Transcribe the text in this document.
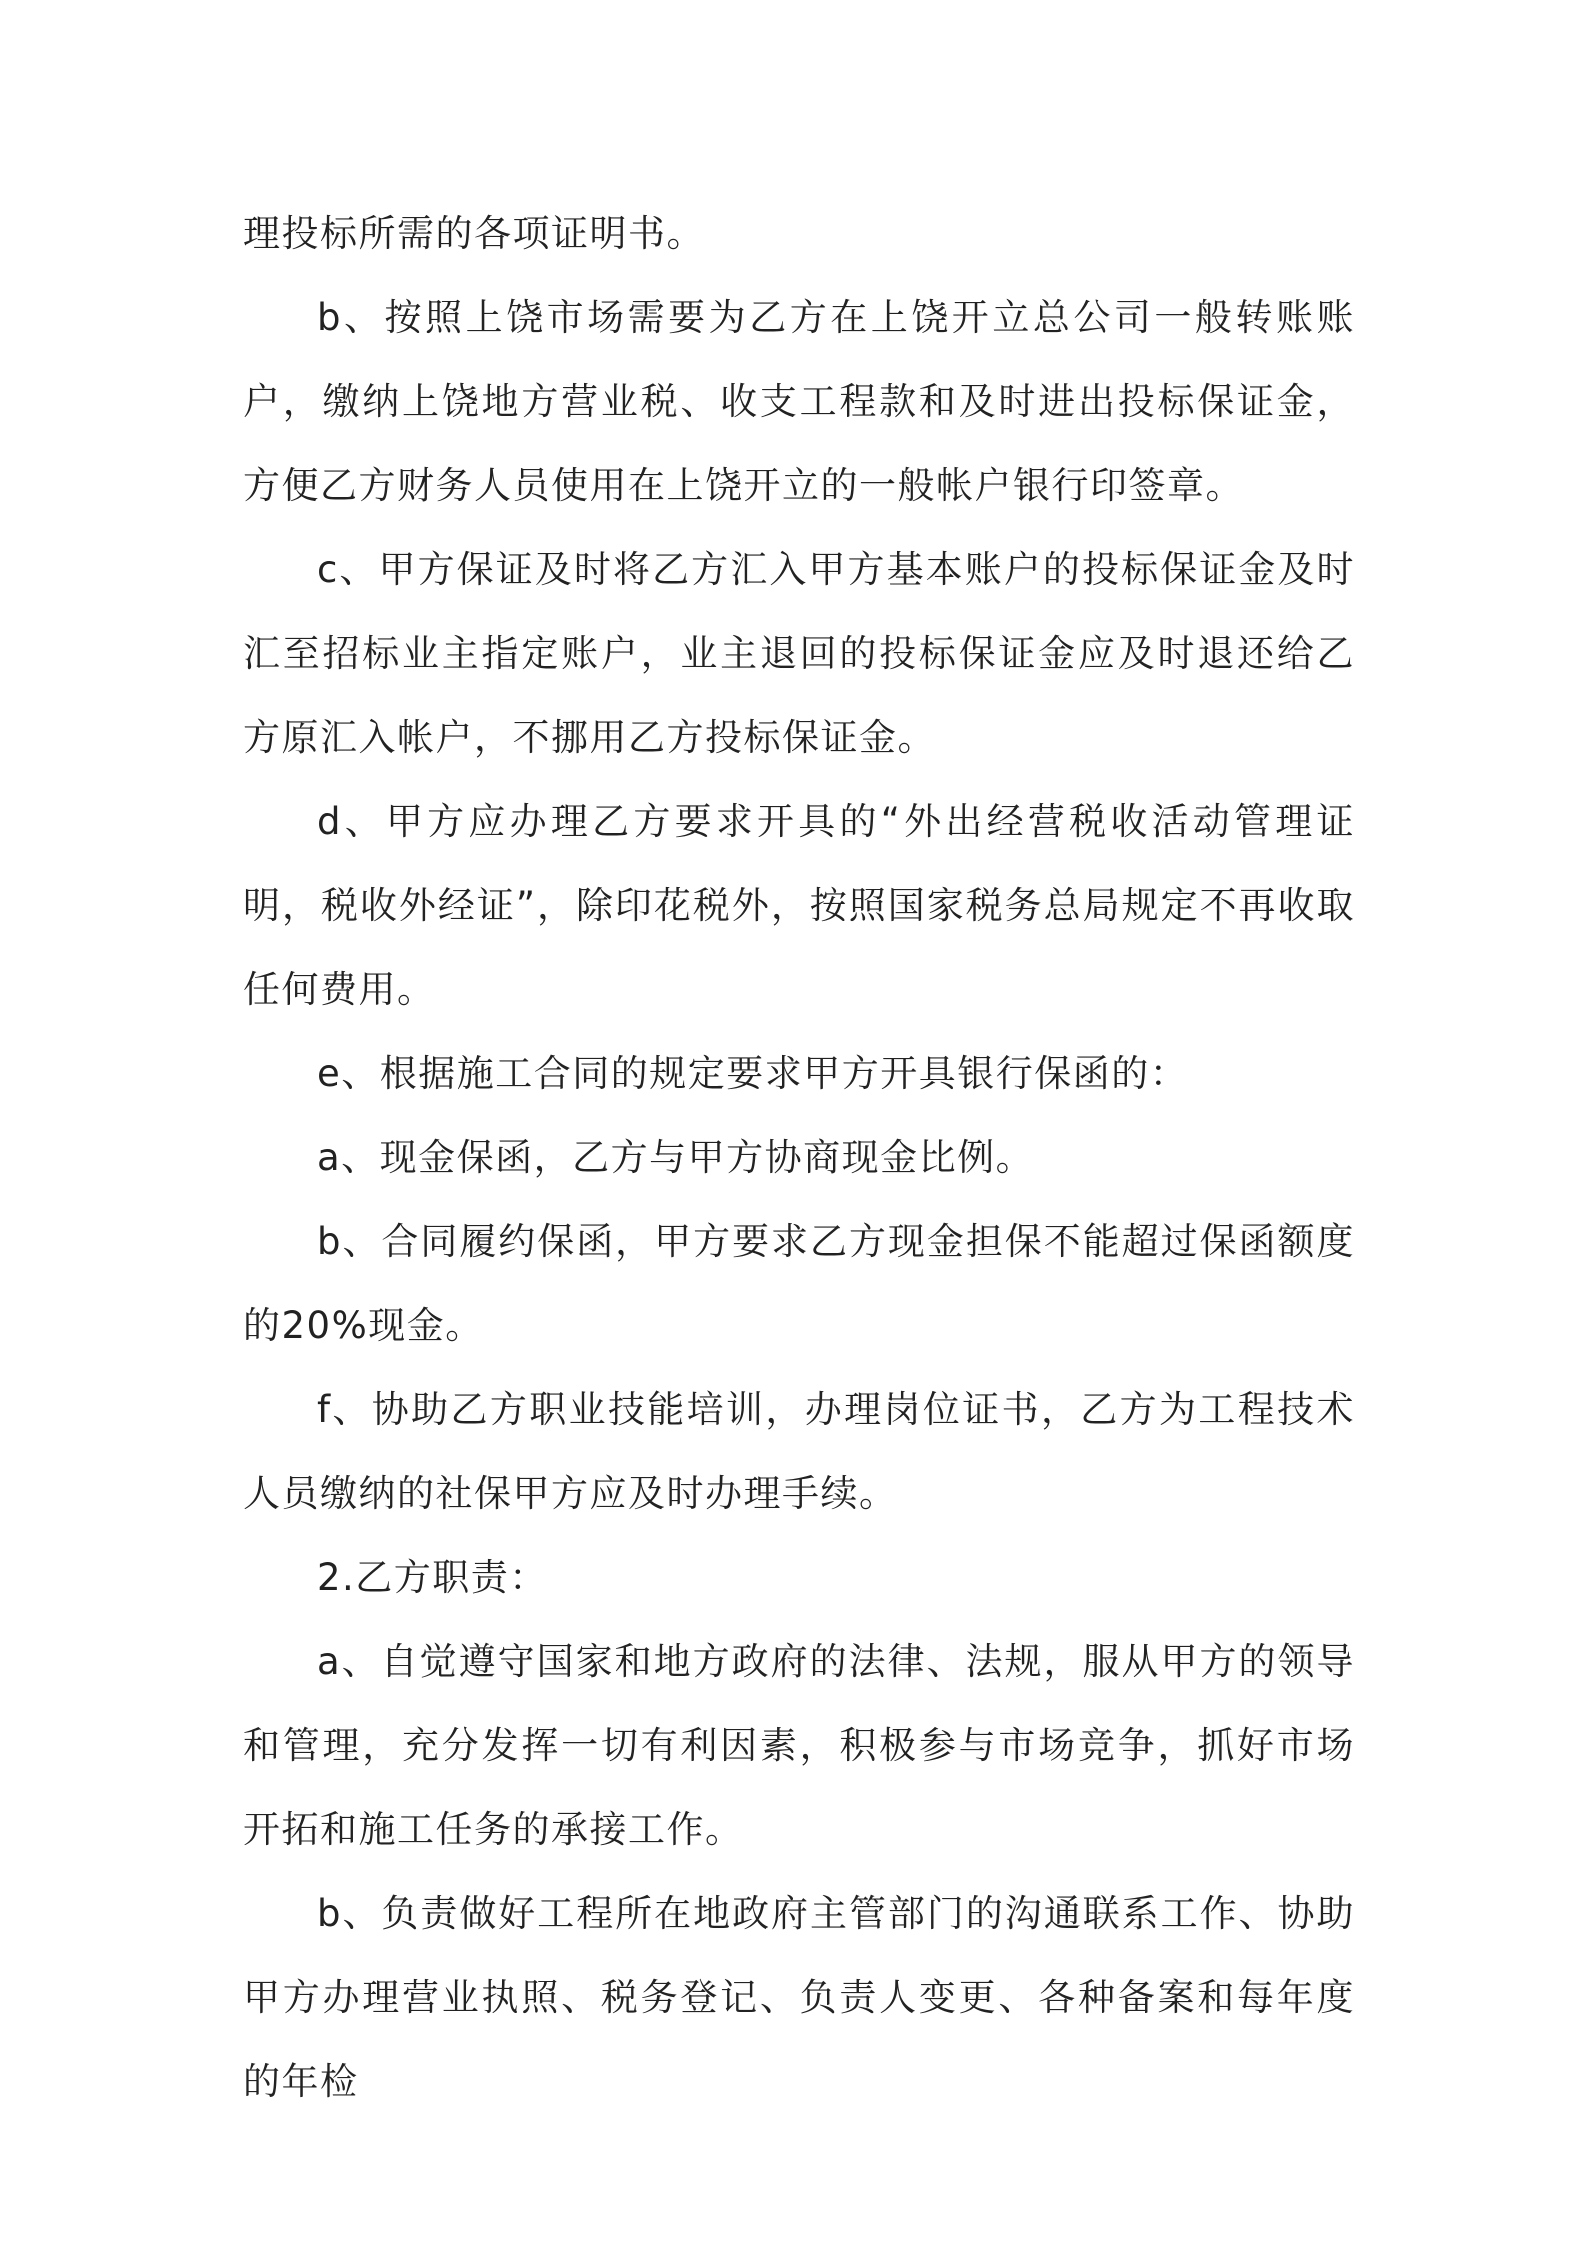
理投标所需的各项证明书。

b、按照上饶市场需要为乙方在上饶开立总公司一般转账账户，缴纳上饶地方营业税、收支工程款和及时进出投标保证金，方便乙方财务人员使用在上饶开立的一般帐户银行印签章。

c、甲方保证及时将乙方汇入甲方基本账户的投标保证金及时汇至招标业主指定账户，业主退回的投标保证金应及时退还给乙方原汇入帐户，不挪用乙方投标保证金。

d、甲方应办理乙方要求开具的“外出经营税收活动管理证明，税收外经证”，除印花税外，按照国家税务总局规定不再收取任何费用。

e、根据施工合同的规定要求甲方开具银行保函的：

a、现金保函，乙方与甲方协商现金比例。

b、合同履约保函，甲方要求乙方现金担保不能超过保函额度的20%现金。

f、协助乙方职业技能培训，办理岗位证书，乙方为工程技术人员缴纳的社保甲方应及时办理手续。

2.乙方职责：

a、自觉遵守国家和地方政府的法律、法规，服从甲方的领导和管理，充分发挥一切有利因素，积极参与市场竞争，抓好市场开拓和施工任务的承接工作。

b、负责做好工程所在地政府主管部门的沟通联系工作、协助甲方办理营业执照、税务登记、负责人变更、各种备案和每年度的年检
